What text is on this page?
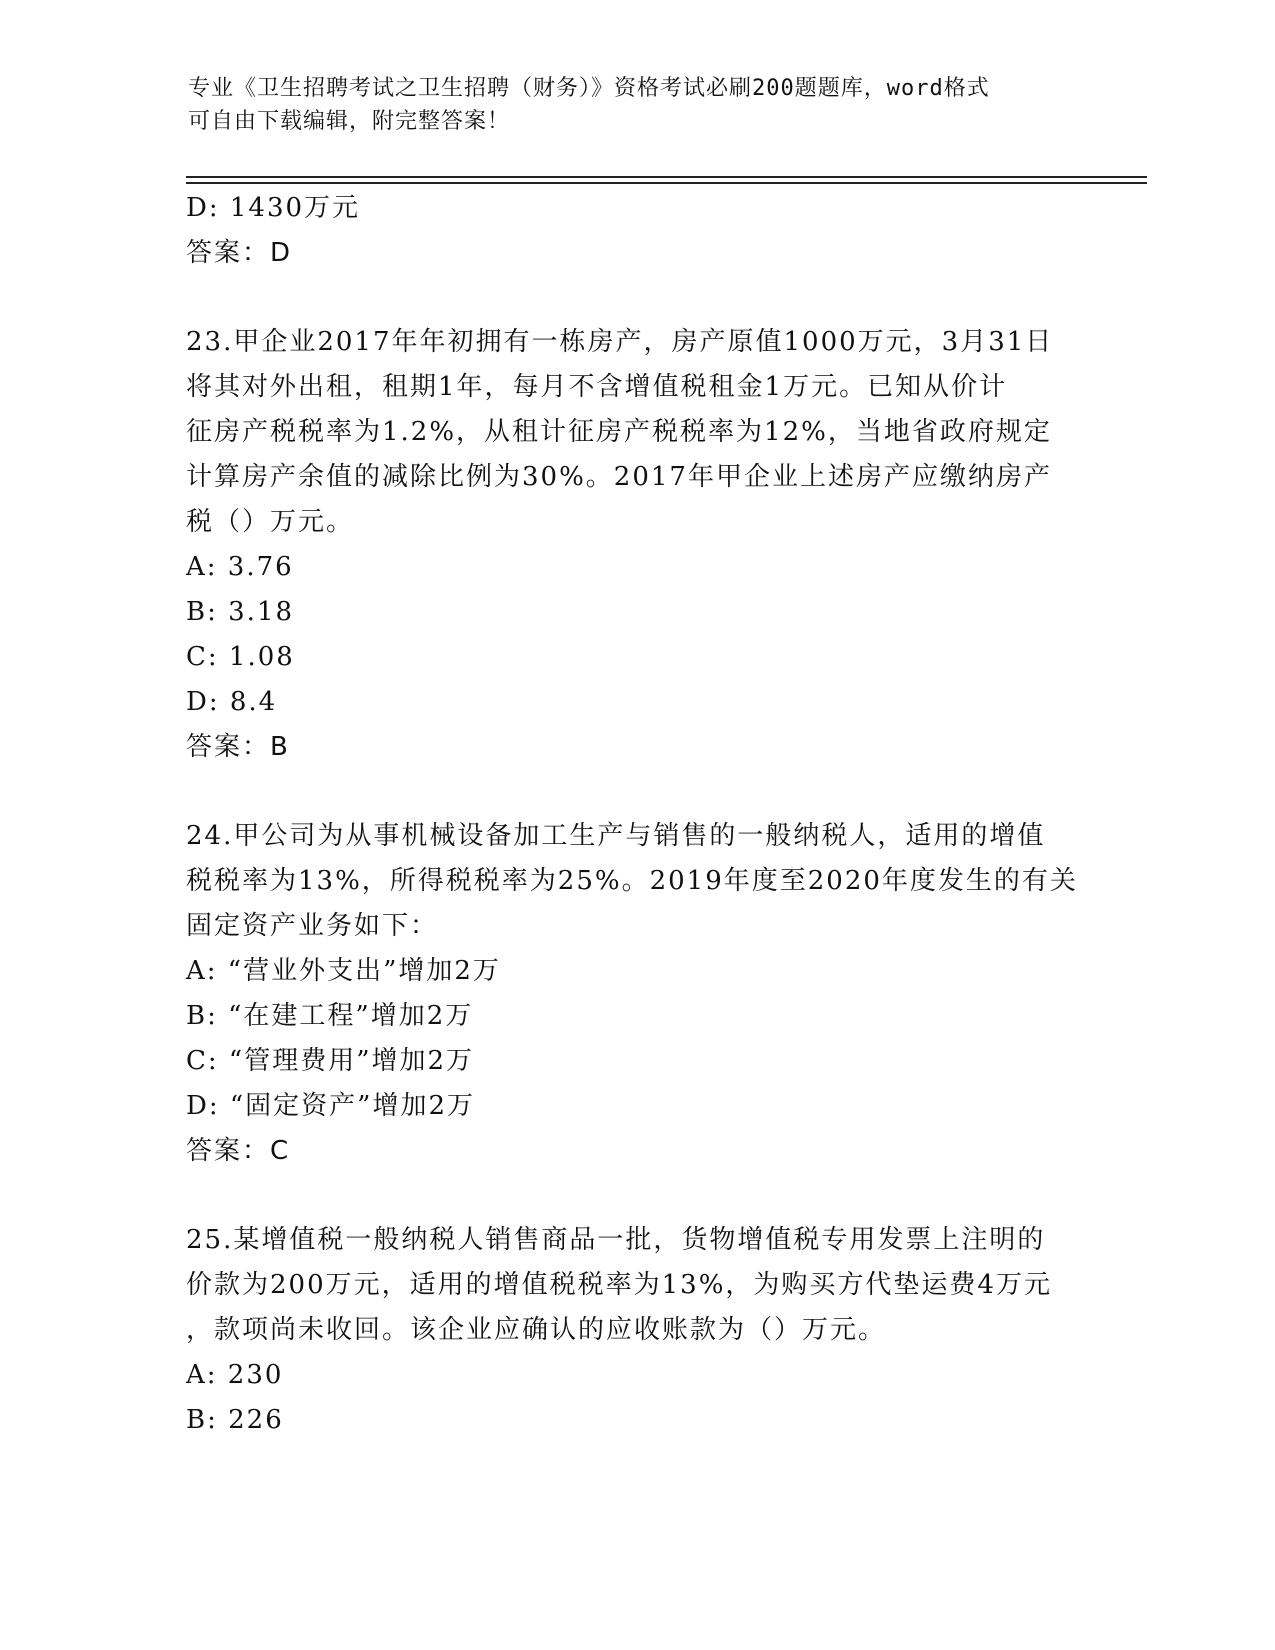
专业《卫生招聘考试之卫生招聘（财务）》资格考试必刷200题题库，word格式
可自由下载编辑，附完整答案！
D: 1430万元
答案：D
23.甲企业2017年年初拥有一栋房产，房产原值1000万元，3月31日
将其对外出租，租期1年，每月不含增值税租金1万元。已知从价计
征房产税税率为1.2%，从租计征房产税税率为12%，当地省政府规定
计算房产余值的减除比例为30%。2017年甲企业上述房产应缴纳房产
税（）万元。
A: 3.76
B: 3.18
C: 1.08
D: 8.4
答案：B
24.甲公司为从事机械设备加工生产与销售的一般纳税人，适用的增值
税税率为13%，所得税税率为25%。2019年度至2020年度发生的有关
固定资产业务如下：
A: “营业外支出”增加2万
B: “在建工程”增加2万
C: “管理费用”增加2万
D: “固定资产”增加2万
答案：C
25.某增值税一般纳税人销售商品一批，货物增值税专用发票上注明的
价款为200万元，适用的增值税税率为13%，为购买方代垫运费4万元
，款项尚未收回。该企业应确认的应收账款为（）万元。
A: 230
B: 226
